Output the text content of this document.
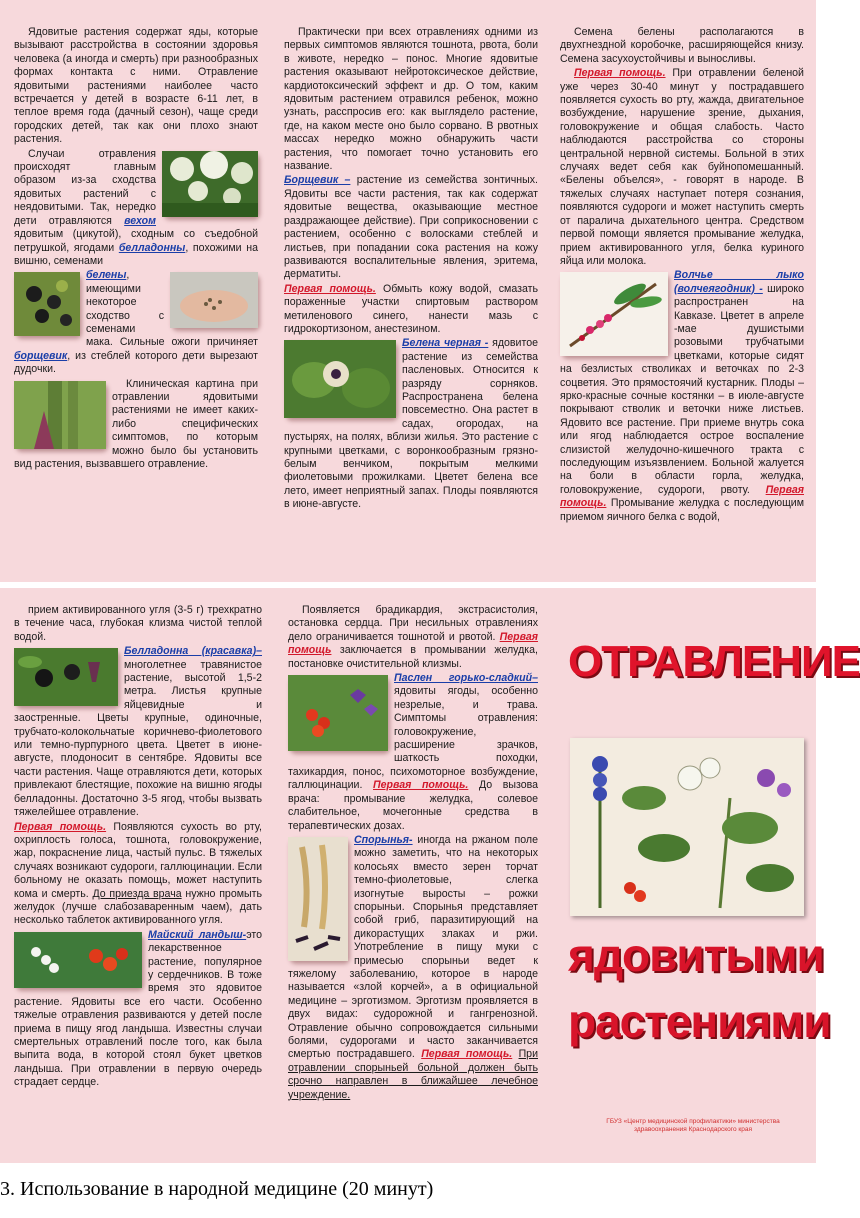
Ядовитые растения содержат яды, которые вызывают расстройства в состоянии здоровья человека (а иногда и смерть) при разнообразных формах контакта с ними. Отравление ядовитыми растениями наиболее часто встречается у детей в возрасте 6-11 лет, в теплое время года (дачный сезон), чаще среди городских детей, так как они плохо знают растения.

Случаи отравления происходят главным образом из-за сходства ядовитых растений с неядовитыми. Так, нередко дети отравляются вехом ядовитым (цикутой), сходным со съедобной петрушкой, ягодами белладонны, похожими на вишню, семенами

белены, имеющими некоторое сходство с семенами мака. Сильные ожоги причиняет борщевик, из стеблей которого дети вырезают дудочки.

Клиническая картина при отравлении ядовитыми растениями не имеет каких-либо специфических симптомов, по которым можно было бы установить вид растения, вызвавшего отравление.

Практически при всех отравлениях одними из первых симптомов являются тошнота, рвота, боли в животе, нередко – понос. Многие ядовитые растения оказывают нейротоксическое действие, кардиотоксический эффект и др. О том, каким ядовитым растением отравился ребенок, можно узнать, расспросив его: как выглядело растение, где, на каком месте оно было сорвано. В рвотных массах нередко можно обнаружить части растения, что помогает точно установить его название.

Борщевик – растение из семейства зонтичных. Ядовиты все части растения, так как содержат ядовитые вещества, оказывающие местное раздражающее действие). При соприкосновении с растением, особенно с волосками стеблей и листьев, при попадании сока растения на кожу развиваются воспалительные явления, эритема, дерматиты.

Первая помощь. Обмыть кожу водой, смазать пораженные участки спиртовым раствором метиленового синего, нанести мазь с гидрокортизоном, анестезином.

Белена черная - ядовитое растение из семейства пасленовых. Относится к разряду сорняков. Распространена белена повсеместно. Она растет в садах, огородах, на пустырях, на полях, вблизи жилья. Это растение с крупными цветками, с воронкообразным грязно-белым венчиком, покрытым мелкими фиолетовыми прожилками. Цветет белена все лето, имеет неприятный запах. Плоды появляются в июне-августе.

Семена белены располагаются в двухгнездной коробочке, расширяющейся книзу. Семена засухоустойчивы и выносливы.

Первая помощь. При отравлении беленой уже через 30-40 минут у пострадавшего появляется сухость во рту, жажда, двигательное возбуждение, нарушение зрение, дыхания, головокружение и общая слабость. Часто наблюдаются расстройства со стороны центральной нервной системы. Больной в этих случаях ведет себя как буйнопомешанный. «Белены объелся», - говорят в народе. В тяжелых случаях наступает потеря сознания, появляются судороги и может наступить смерть от паралича дыхательного центра. Средством первой помощи является промывание желудка, прием активированного угля, белка куриного яйца или молока.

Волчье лыко (волчеягодник) - широко распространен на Кавказе. Цветет в апреле -мае душистыми розовыми трубчатыми цветками, которые сидят на безлистых стволиках и веточках по 2-3 соцветия. Это прямостоячий кустарник. Плоды – ярко-красные сочные костянки – в июле-августе покрывают стволик и веточки ниже листьев. Ядовито все растение. При приеме внутрь сока или ягод наблюдается острое воспаление слизистой желудочно-кишечного тракта с последующим изъязвлением. Больной жалуется на боли в области горла, желудка, головокружение, судороги, рвоту. Первая помощь. Промывание желудка с последующим приемом яичного белка с водой,

прием активированного угля (3-5 г) трехкратно в течение часа, глубокая клизма чистой теплой водой.

Белладонна (красавка)– многолетнее травянистое растение, высотой 1,5-2 метра. Листья крупные яйцевидные и заостренные. Цветы крупные, одиночные, трубчато-колокольчатые коричнево-фиолетового или темно-пурпурного цвета. Цветет в июне-августе, плодоносит в сентябре. Ядовиты все части растения. Чаще отравляются дети, которых привлекают блестящие, похожие на вишню ягоды белладонны. Достаточно 3-5 ягод, чтобы вызвать тяжелейшее отравление.

Первая помощь. Появляются сухость во рту, охриплость голоса, тошнота, головокружение, жар, покраснение лица, частый пульс. В тяжелых случаях возникают судороги, галлюцинации. Если больному не оказать помощь, может наступить кома и смерть. До приезда врача нужно промыть желудок (лучше слабозаваренным чаем), дать несколько таблеток активированного угля.

Майский ландыш-это лекарственное растение, популярное у сердечников. В тоже время это ядовитое растение. Ядовиты все его части. Особенно тяжелые отравления развиваются у детей после приема в пищу ягод ландыша. Известны случаи смертельных отравлений после того, как была выпита вода, в которой стоял букет цветков ландыша. При отравлении в первую очередь страдает сердце.

Появляется брадикардия, экстрасистолия, остановка сердца. При несильных отравлениях дело ограничивается тошнотой и рвотой. Первая помощь заключается в промывании желудка, постановке очистительной клизмы.

Паслен горько-сладкий– ядовиты ягоды, особенно незрелые, и трава. Симптомы отравления: головокружение, расширение зрачков, шаткость походки, тахикардия, понос, психомоторное возбуждение, галлюцинации. Первая помощь. До вызова врача: промывание желудка, солевое слабительное, мочегонные средства в терапевтических дозах.

Спорынья- иногда на ржаном поле можно заметить, что на некоторых колосьях вместо зерен торчат темно-фиолетовые, слегка изогнутые выросты – рожки спорыньи. Спорынья представляет собой гриб, паразитирующий на дикорастущих злаках и ржи. Употребление в пищу муки с примесью спорыньи ведет к тяжелому заболеванию, которое в народе называется «злой корчей», а в официальной медицине – эрготизмом. Эрготизм проявляется в двух видах: судорожной и гангренозной. Отравление обычно сопровождается сильными болями, судорогами и часто заканчивается смертью пострадавшего. Первая помощь. При отравлении спорыньей больной должен быть срочно направлен в ближайшее лечебное учреждение.

ОТРАВЛЕНИЕ
ядовитыми
растениями
ГБУЗ «Центр медицинской профилактики» министерства здравоохранения Краснодарского края
3. Использование в народной медицине (20 минут)
